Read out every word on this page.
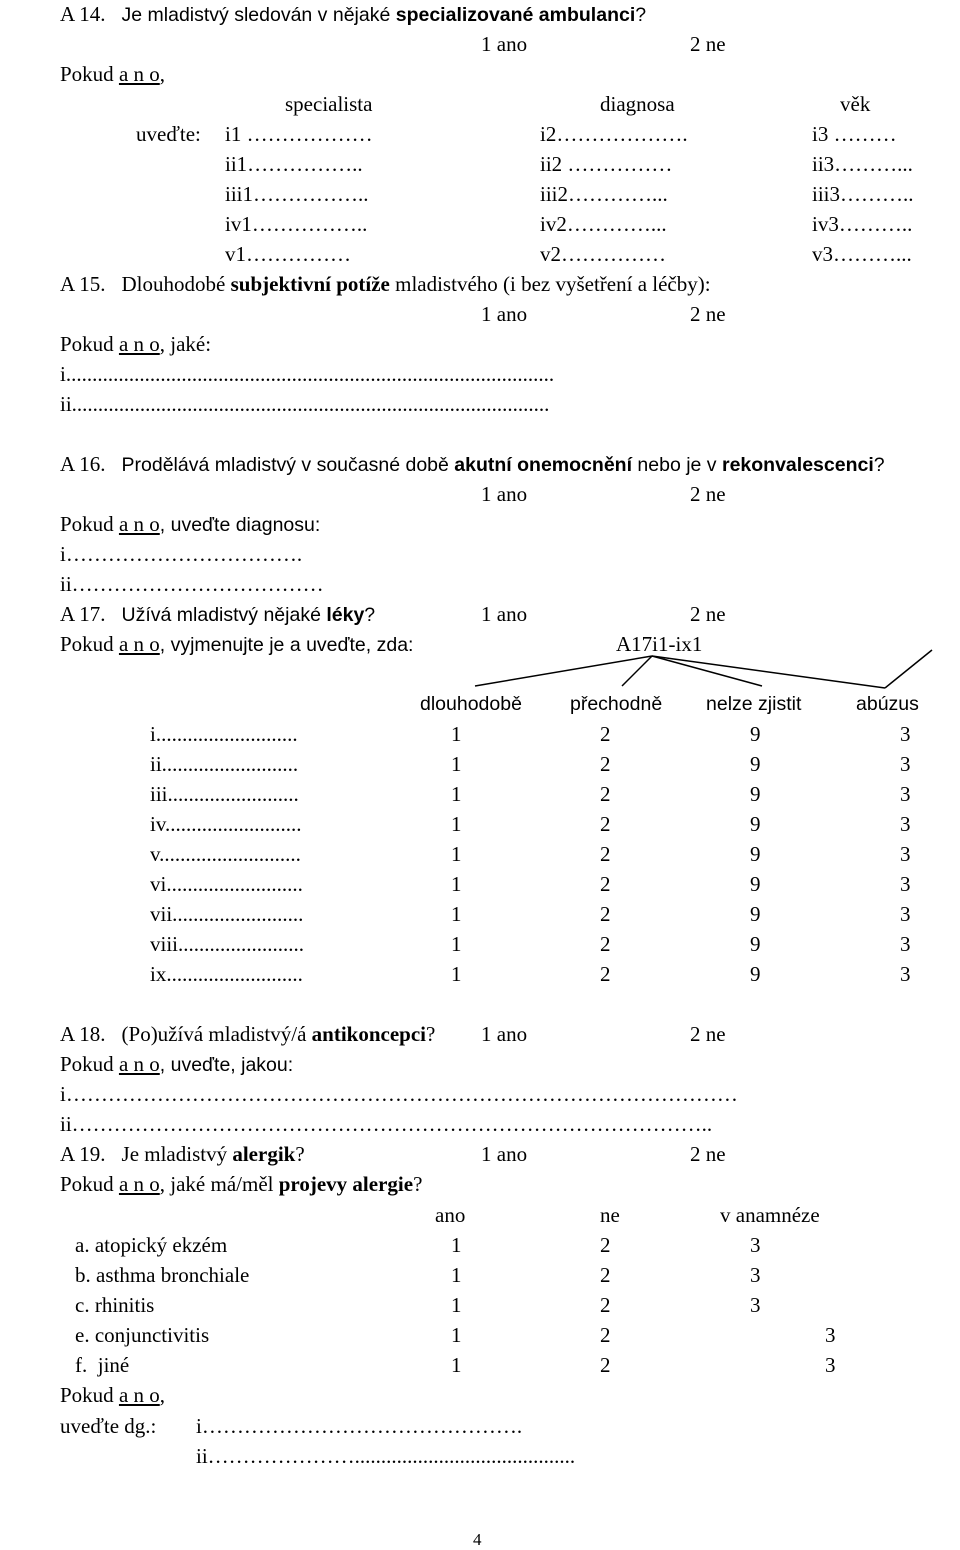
A 14. Je mladistvý sledován v nějaké specializované ambulanci?
1 ano	2 ne
Pokud a n o,
specialista	diagnosa	věk
uveďte: i1 ………………	i2……………….	i3 ………
ii1……………..	ii2 ……………	ii3………...
iii1……………..	iii2…………...	iii3………..
iv1……………..	iv2…………...	iv3………..
v1……………	v2……………	v3………...
A 15. Dlouhodobé subjektivní potíže mladistvého (i bez vyšetření a léčby):
1 ano	2 ne
Pokud a n o, jaké:
i.............................................................................................
ii...........................................................................................
A 16. Prodělává mladistvý v současné době akutní onemocnění nebo je v rekonvalescenci?
1 ano	2 ne
Pokud a n o, uveďte diagnosu:
i…………………………….
ii………………………………
A 17. Užívá mladistvý nějaké léky?	1 ano	2 ne
Pokud a n o, vyjmenujte je a uveďte, zda:	A17i1-ix1
dlouhodobě přechodně nelze zjistit	abúzus
i...........................	1	2	9	3
ii..........................	1	2	9	3
iii.........................	1	2	9	3
iv..........................	1	2	9	3
v...........................	1	2	9	3
vi..........................	1	2	9	3
vii.........................	1	2	9	3
viii........................	1	2	9	3
ix..........................	1	2	9	3
A 18. (Po)užívá mladistvý/á antikoncepci? 1 ano	2 ne
Pokud a n o, uveďte, jakou:
i……………………………………………………………………………………
ii………………………………………………………………………………..
A 19. Je mladistvý alergik?	1 ano	2 ne
Pokud a n o, jaké má/měl projevy alergie?
ano	ne	v anamnéze
a. atopický ekzém	1	2	3
b. asthma bronchiale	1	2	3
c. rhinitis	1	2	3
e. conjunctivitis	1	2	3
f.  jiné	1	2	3
Pokud a n o,
uveďte dg.: i……………………………………….
ii…………………..........................................
4
